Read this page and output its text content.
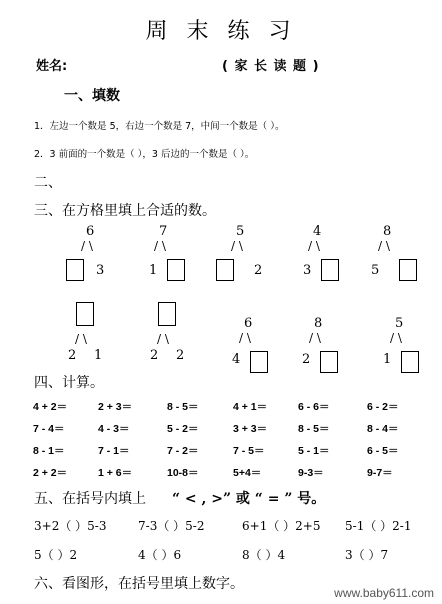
周 末 练 习
姓名:	( 家 长 读 题 )
一、填数
1．左边一个数是 5，右边一个数是 7，中间一个数是（ ）。
2．3 前面的一个数是（ ），3 后边的一个数是（ ）。
二、
三、在方格里填上合适的数。
四、计算。
五、在括号内填上 “ < , >” 或 “ = ” 号。
六、看图形，在括号里填上数字。
www.baby611.com
6
/ \
3
7
/ \
1
5
/ \
2
4
/ \
3
8
/ \
5
/ \
2 1
/ \
2 2
6
/ \
4
8
/ \
2
5
/ \
1
4 + 2＝	2 + 3＝	8 - 5＝	4 + 1＝	6 - 6＝	6 - 2＝
7 - 4＝	4 - 3＝	5 - 2＝	3 + 3＝	8 - 5＝	8 - 4＝
8 - 1＝	7 - 1＝	7 - 2＝	7 - 5＝	5 - 1＝	6 - 5＝
2 + 2＝	1 + 6＝	10-8＝	5+4＝	9-3＝	9-7＝
3+2（ ）5-3	7-3（ ）5-2	6+1（ ）2+5 5-1（ ）2-1
5（ ）2	4（ ）6	8（ ）4	3（ ）7
